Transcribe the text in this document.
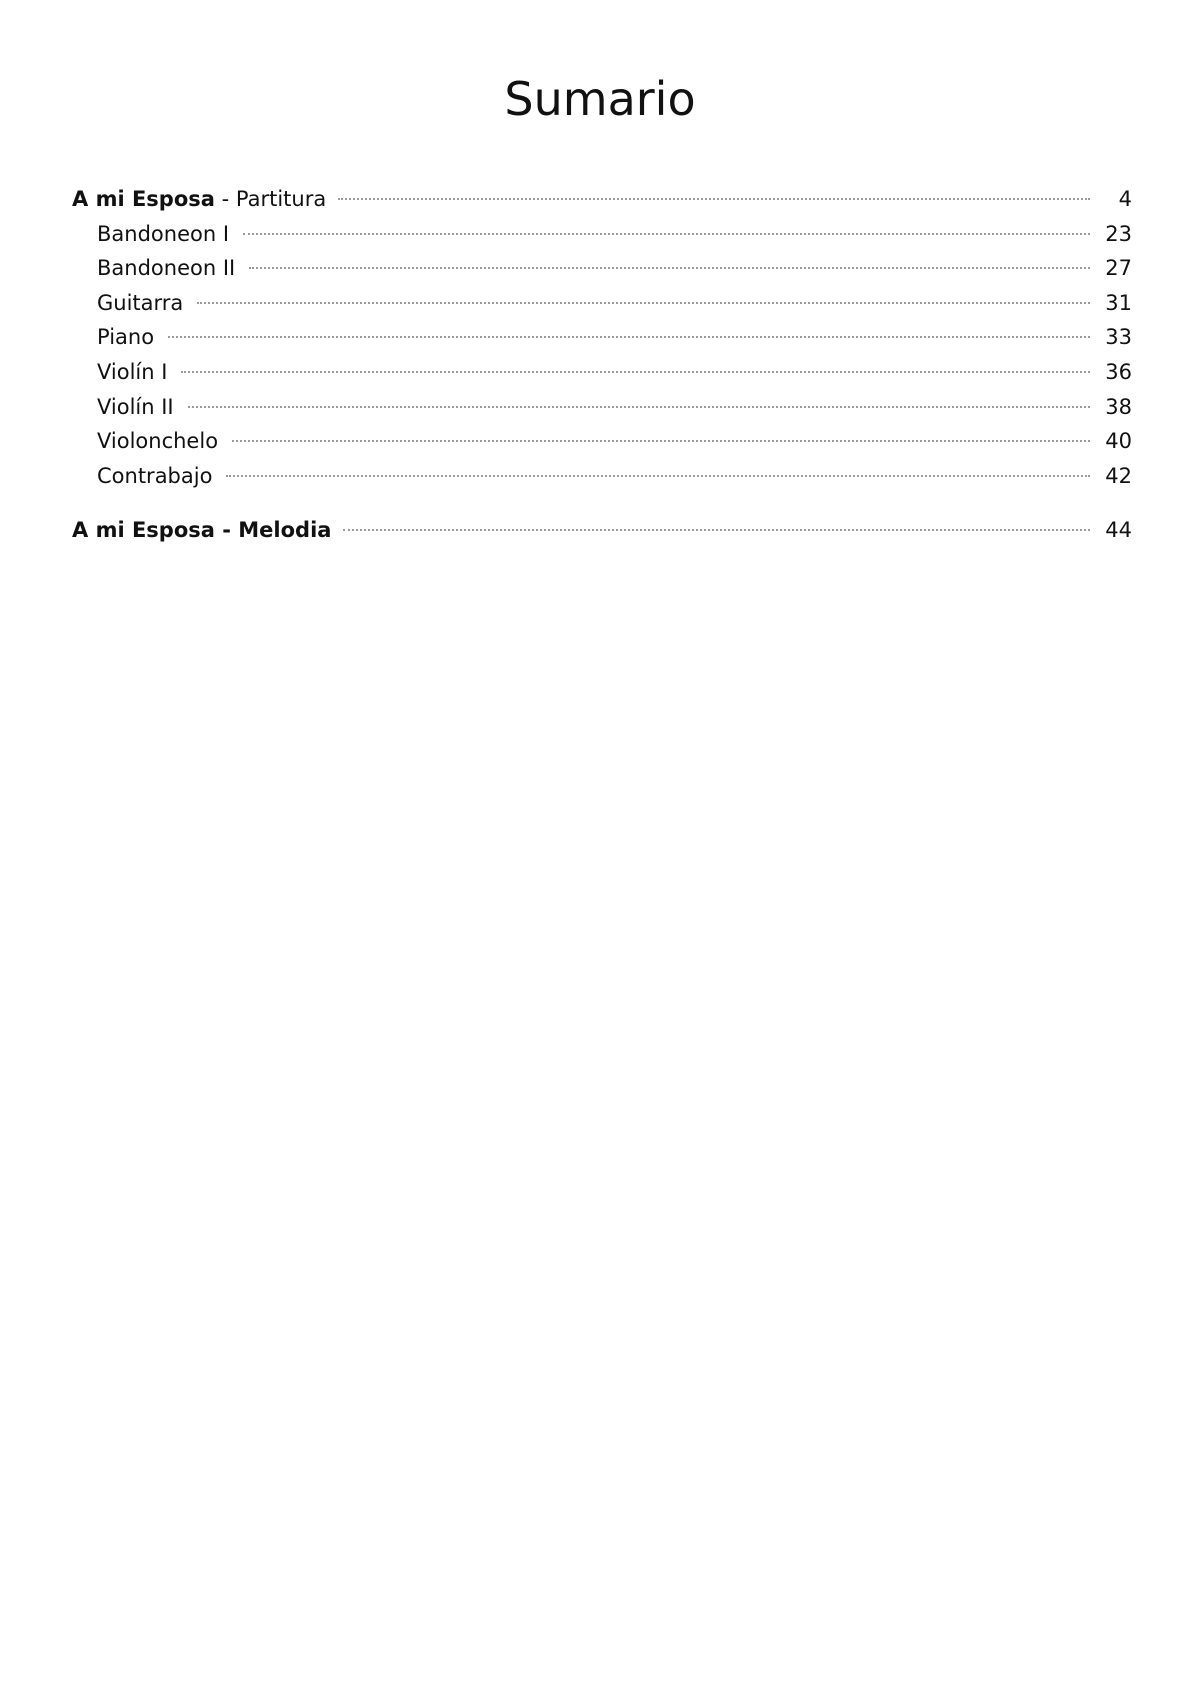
Sumario
A mi Esposa - Partitura	4
Bandoneon I	23
Bandoneon II	27
Guitarra	31
Piano	33
Violín I	36
Violín II	38
Violonchelo	40
Contrabajo	42
A mi Esposa - Melodia	44
